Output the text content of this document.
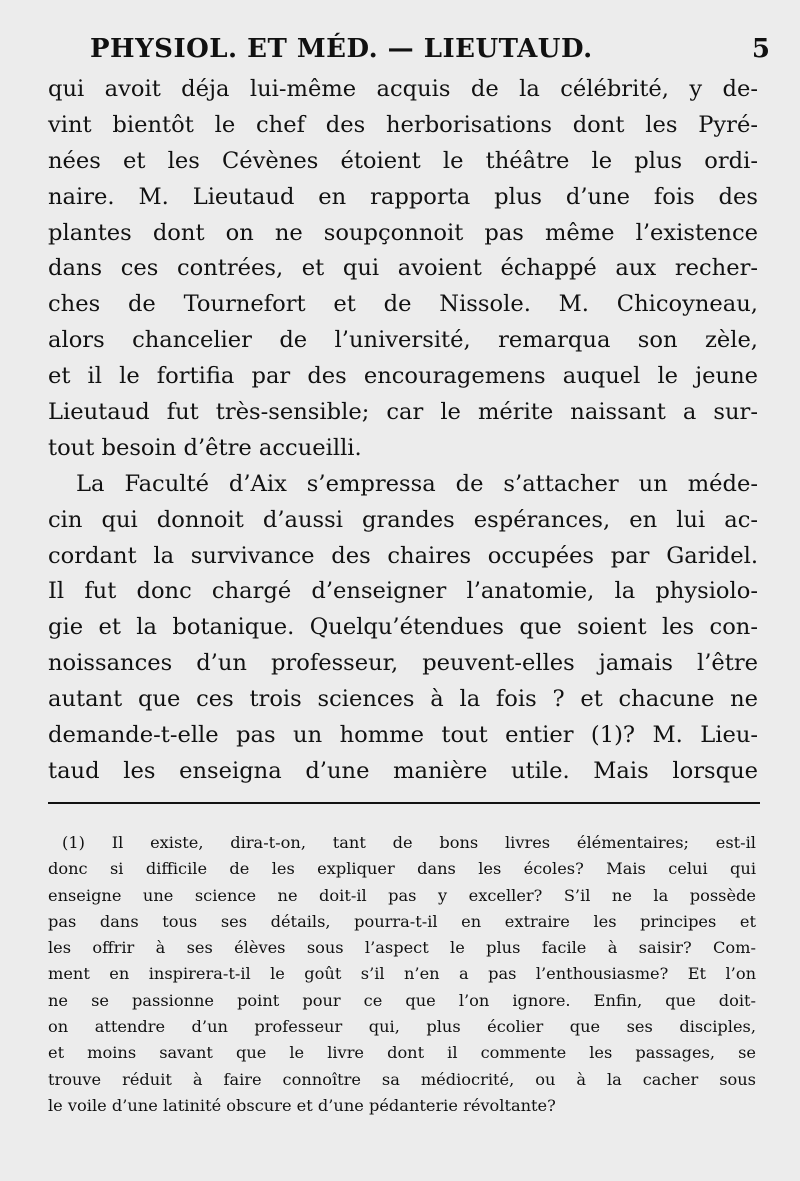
PHYSIOL. ET MÉD. — LIEUTAUD.	5
qui avoit déja lui-même acquis de la célébrité, y de-
vint bientôt le chef des herborisations dont les Pyré-
nées et les Cévènes étoient le théâtre le plus ordi-
naire. M. Lieutaud en rapporta plus d’une fois des
plantes dont on ne soupçonnoit pas même l’existence
dans ces contrées, et qui avoient échappé aux recher-
ches de Tournefort et de Nissole. M. Chicoyneau,
alors chancelier de l’université, remarqua son zèle,
et il le fortifia par des encouragemens auquel le jeune
Lieutaud fut très-sensible; car le mérite naissant a sur-
tout besoin d’être accueilli.
La Faculté d’Aix s’empressa de s’attacher un méde-
cin qui donnoit d’aussi grandes espérances, en lui ac-
cordant la survivance des chaires occupées par Garidel.
Il fut donc chargé d’enseigner l’anatomie, la physiolo-
gie et la botanique. Quelqu’étendues que soient les con-
noissances d’un professeur, peuvent-elles jamais l’être
autant que ces trois sciences à la fois ? et chacune ne
demande-t-elle pas un homme tout entier (1)? M. Lieu-
taud les enseigna d’une manière utile. Mais lorsque
(1) Il existe, dira-t-on, tant de bons livres élémentaires; est-il
donc si difficile de les expliquer dans les écoles? Mais celui qui
enseigne une science ne doit-il pas y exceller? S’il ne la possède
pas dans tous ses détails, pourra-t-il en extraire les principes et
les offrir à ses élèves sous l’aspect le plus facile à saisir? Com-
ment en inspirera-t-il le goût s’il n’en a pas l’enthousiasme? Et l’on
ne se passionne point pour ce que l’on ignore. Enfin, que doit-
on attendre d’un professeur qui, plus écolier que ses disciples,
et moins savant que le livre dont il commente les passages, se
trouve réduit à faire connoître sa médiocrité, ou à la cacher sous
le voile d’une latinité obscure et d’une pédanterie révoltante?
